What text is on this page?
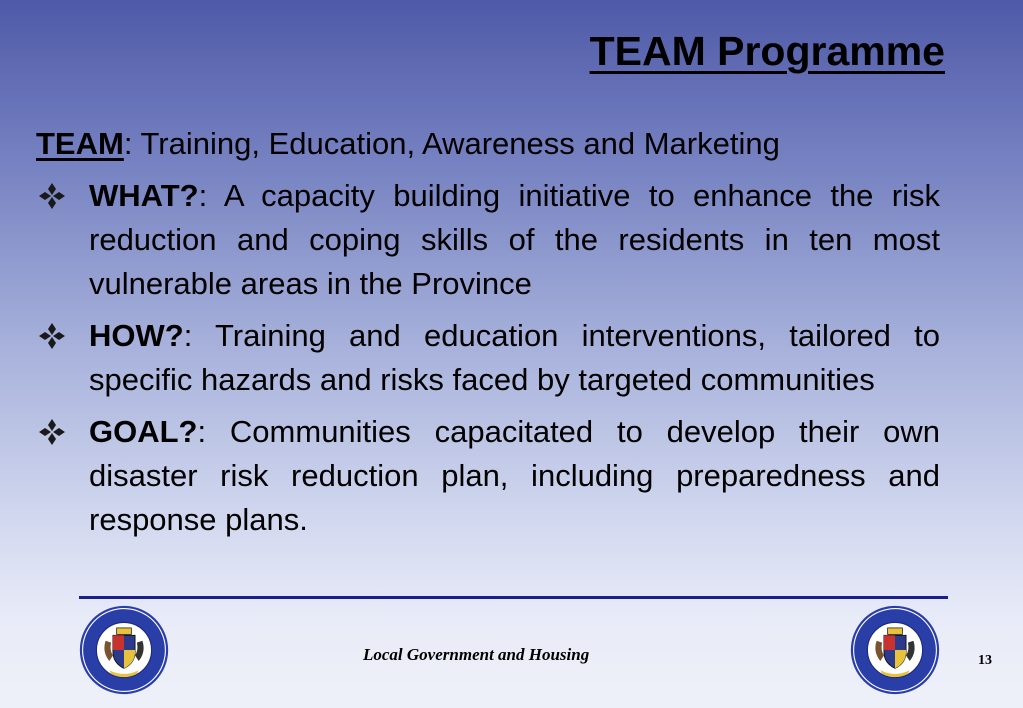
TEAM Programme
TEAM: Training, Education, Awareness and Marketing
WHAT?: A capacity building initiative to enhance the risk reduction and coping skills of the residents in ten most vulnerable areas in the Province
HOW?: Training and education interventions, tailored to specific hazards and risks faced by targeted communities
GOAL?: Communities capacitated to develop their own disaster risk reduction plan, including preparedness and response plans.
Local Government and Housing	13
